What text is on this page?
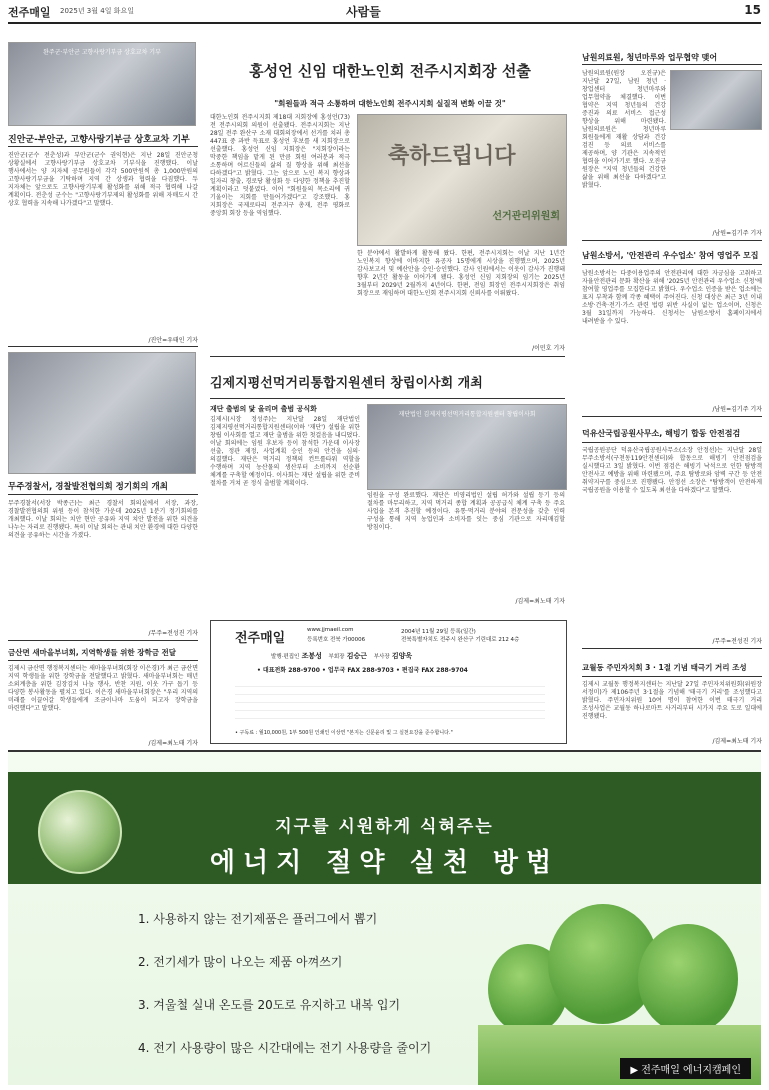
전주매일 2025년 3월 4일 화요일	사람들	15
완주군·부안군 고향사랑기부금 상호교차 기부
진안군-부안군, 고향사랑기부금 상호교차 기부
진안군(군수 전춘성)과 부안군(군수 권익현)은 지난 28일 진안군청 상황실에서 고향사랑기부금 상호교차 기부식을 진행했다. 이날 행사에서는 양 지자체 공무원들이 각각 500만원씩 총 1,000만원의 고향사랑기부금을 기탁하며 지역 간 상생과 협력을 다짐했다. 두 지자체는 앞으로도 고향사랑기부제 활성화를 위해 적극 협력해 나갈 계획이다. 전춘성 군수는 "고향사랑기부제의 활성화를 위해 자매도시 간 상호 협력을 지속해 나가겠다"고 말했다.
/진안=우태인 기자
무주경찰서, 경찰발전협의회 정기회의 개최
무주경찰서(서장 박종근)는 최근 경찰서 회의실에서 서장, 과장, 경찰발전협의회 위원 등이 참석한 가운데 2025년 1분기 정기회의를 개최했다. 이날 회의는 치안 현안 공유와 지역 치안 발전을 위한 의견을 나누는 자리로 진행됐다. 특히 이날 회의는 관내 치안 환경에 대한 다양한 의견을 공유하는 시간을 가졌다.
/무주=전성진 기자
금산면 새마을부녀회, 지역학생들 위한 장학금 전달
김제시 금산면 행정복지센터는 새마을부녀회(회장 이은경)가 최근 금산면 지역 학생들을 위한 장학금을 전달했다고 밝혔다. 새마을부녀회는 매년 소외계층을 위한 김장김치 나눔 행사, 반찬 지원, 이웃 가구 돕기 등 다양한 봉사활동을 펼치고 있다. 이은경 새마을부녀회장은 "우리 지역의 미래를 이끌어갈 학생들에게 조금이나마 도움이 되고자 장학금을 마련했다"고 말했다.
/김제=최노태 기자
홍성언 신임 대한노인회 전주시지회장 선출
"회원들과 적극 소통하며 대한노인회 전주시지회 실질적 변화 이끌 것"
대한노인회 전주시지회 제18대 지회장에 홍성언(73) 전 전주시의회 의원이 선출됐다. 전주시지회는 지난 28일 전주 완산구 소재 대회의장에서 선거를 치러 총 447표 중 과반 득표로 홍성언 후보를 새 지회장으로 선출했다. 홍성언 신임 지회장은 "지회장이라는 막중한 책임을 맡게 된 만큼 회원 여러분과 적극 소통하며 어르신들의 삶의 질 향상을 위해 최선을 다하겠다"고 밝혔다. 그는 앞으로 노인 복지 향상과 일자리 창출, 경로당 활성화 등 다양한 정책을 추진할 계획이라고 덧붙였다. 이어 "회원들의 목소리에 귀 기울이는 지회를 만들어가겠다"고 강조했다. 홍 지회장은 국제로타리 전주지구 총재, 전주 평화로 중앙회 회장 등을 역임했다.
축하드립니다
선거관리위원회
한 분야에서 활발하게 활동해 왔다. 한편, 전주시지회는 이날 지난 1년간 노인복지 향상에 이바지한 유공자 15명에게 시상을 진행했으며, 2025년 감사보고서 및 예산안을 승인·승인했다. 감사 인원에서는 이웃이 감사가 진행돼 향후 2년간 활동을 이어가게 됐다. 홍성언 신임 지회장의 임기는 2025년 3월부터 2029년 2월까지 4년이다. 한편, 전임 회장인 전주시지회장은 취임 회장으로 재임하며 대한노인회 전주시지회 신뢰사를 이뤄왔다.
/이민호 기자
김제지평선먹거리통합지원센터 창립이사회 개최
재단 출범의 닻 올리며 출범 공식화
김제시(시장 정성주)는 지난달 28일 재단법인 김제지평선먹거리통합지원센터(이하 '재단') 설립을 위한 창립 이사회를 열고 재단 출범을 위한 첫걸음을 내디뎠다. 이날 회의에는 임원 후보자 등이 참석한 가운데 이사장 선출, 정관 제정, 사업계획 승인 등의 안건을 심의·의결했다. 재단은 먹거리 정책의 컨트롤타워 역할을 수행하며 지역 농산물의 생산부터 소비까지 선순환 체계를 구축할 예정이다. 이사회는 재단 설립을 위한 준비 절차를 거쳐 곧 정식 출범할 계획이다.
재단법인 김제지평선먹거리통합지원센터 창립이사회
임원을 구성 완료했다. 재단은 비영리법인 설립 허가와 설립 등기 등의 절차를 마무리하고, 지역 먹거리 종합 계획과 공공급식 체계 구축 등 주요 사업을 본격 추진할 예정이다. 유통·먹거리 분야의 전문성을 갖춘 인력 구성을 통해 지역 농업인과 소비자를 잇는 중심 기관으로 자리매김할 방침이다.
/김제=최노태 기자
전주매일
www.jjmaeil.com
등록번호 전북 가00006
2004년 11월 29일 등록(일간)
전북특별자치도 전주시 완산구 기린대로 212 4층
발행·편집인 조봉성 부회장 김승근 부사장 김양욱
• 대표전화 288-9700 • 업무국 FAX 288-9703 • 편집국 FAX 288-9704
• 구독료 : 월10,000원, 1부 500원 인쇄인 이상연 "본지는 신문윤리 및 그 실천요강을 준수합니다."
남원의료원, 청년마루와 업무협약 맺어
남원의료원(원장 오진규)은 지난달 27일, 남원 청년 · 창업센터 청년마루와 업무협약을 체결했다. 이번 협약은 지역 청년들의 건강 증진과 의료 서비스 접근성 향상을 위해 마련됐다. 남원의료원은 청년마루 회원들에게 재활 상담과 건강 검진 등 의료 서비스를 제공하며, 양 기관은 지속적인 협력을 이어가기로 했다. 오진규 원장은 "지역 청년들의 건강한 삶을 위해 최선을 다하겠다"고 밝혔다.
/남원=김기주 기자
남원소방서, '안전관리 우수업소' 참여 영업주 모집
남원소방서는 다중이용업주의 안전관리에 대한 자긍심을 고취하고 자율안전관리 문화 확산을 위해 '2025년 안전관리 우수업소 신청'에 참여할 영업주를 모집한다고 밝혔다. 우수업소 인증을 받은 업소에는 표지 부착과 함께 각종 혜택이 주어진다. 신청 대상은 최근 3년 이내 소방·건축·전기·가스 관련 법령 위반 사실이 없는 업소이며, 신청은 3월 31일까지 가능하다. 신청서는 남원소방서 홈페이지에서 내려받을 수 있다.
/남원=김기주 기자
덕유산국립공원사무소, 해빙기 합동 안전점검
국립공원공단 덕유산국립공원사무소(소장 안정선)는 지난달 28일 무주소방서(구천동119안전센터)와 합동으로 해빙기 안전점검을 실시했다고 3일 밝혔다. 이번 점검은 해빙기 낙석으로 인한 탐방객 안전사고 예방을 위해 마련됐으며, 주요 탐방로와 암벽 구간 등 안전 취약지구를 중심으로 진행됐다. 안정선 소장은 "탐방객이 안전하게 국립공원을 이용할 수 있도록 최선을 다하겠다"고 말했다.
/무주=전성진 기자
교월동 주민자치회 3 · 1절 기념 태극기 거리 조성
김제시 교월동 행정복지센터는 지난달 27일 주민자치위원회(위원장 서정미)가 제106주년 3·1절을 기념해 '태극기 거리'를 조성했다고 밝혔다. 주민자치위원 10여 명이 참여한 이번 태극기 거리 조성사업은 교월동 하나로마트 사거리부터 시가지 주요 도로 일대에 진행됐다.
/김제=최노태 기자
지구를 시원하게 식혀주는
에너지 절약 실천 방법
1. 사용하지 않는 전기제품은 플러그에서 뽑기
2. 전기세가 많이 나오는 제품 아껴쓰기
3. 겨울철 실내 온도를 20도로 유지하고 내복 입기
4. 전기 사용량이 많은 시간대에는 전기 사용량을 줄이기
▶ 전주매일 에너지캠페인
